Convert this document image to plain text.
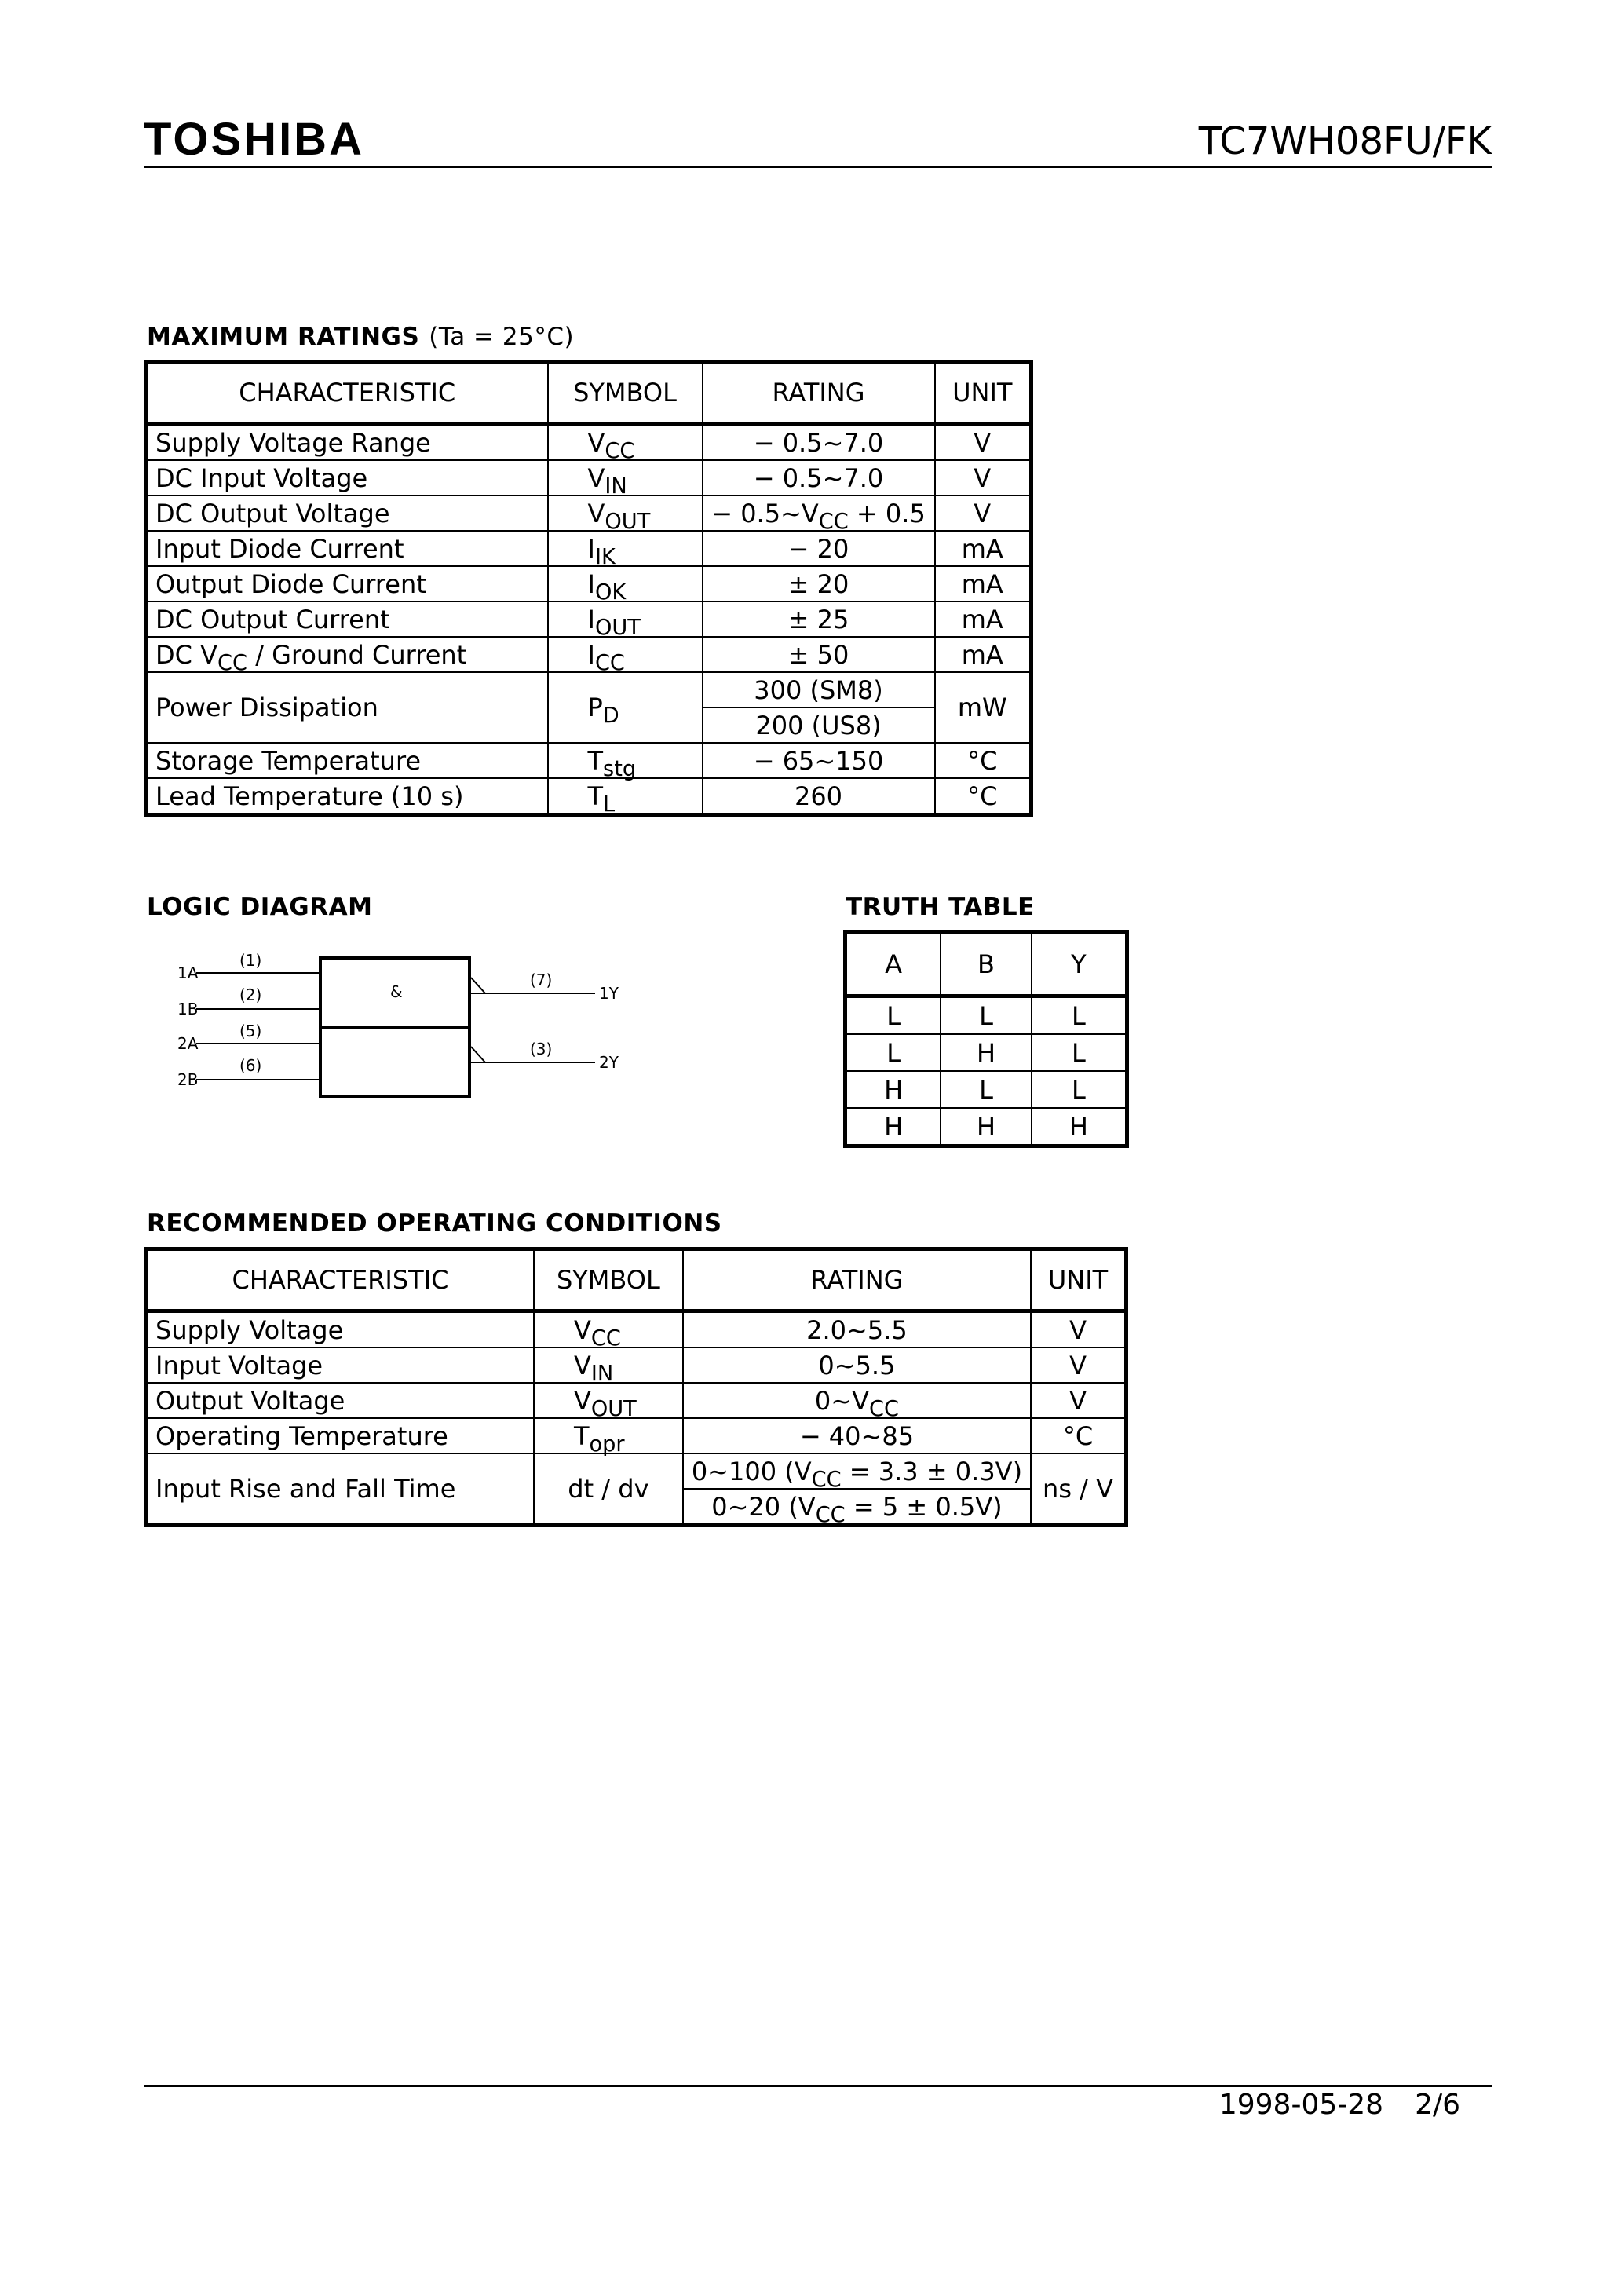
TOSHIBA	TC7WH08FU/FK
MAXIMUM RATINGS (Ta = 25°C)
CHARACTERISTIC	SYMBOL	RATING	UNIT
Supply Voltage Range	$V_{CC}$	− 0.5~7.0	V
DC Input Voltage	$V_{IN}$	− 0.5~7.0	V
DC Output Voltage	$V_{OUT}$	− $0.5\sim V_{CC} + 0.5$	V
Input Diode Current	$I_{IK}$	− 20	mA
Output Diode Current	$I_{OK}$	± 20	mA
DC Output Current	$I_{OUT}$	± 25	mA
DC $V_{CC}$ / Ground Current	$I_{CC}$	± 50	mA
Power Dissipation	$P_D$	300 (SM8)	mW
		200 (US8)	
Storage Temperature	$T_{stg}$	− 65~150	°C
Lead Temperature (10 s)	$T_L$	260	°C
LOGIC DIAGRAM
&
1A
1B
2A
2B
(1)
(2)
(5)
(6)
1Y
2Y
(7)
(3)
TRUTH TABLE
A	B	Y
L	L	L
L	H	L
H	L	L
H	H	H
RECOMMENDED OPERATING CONDITIONS
CHARACTERISTIC	SYMBOL	RATING	UNIT
Supply Voltage	$V_{CC}$	2.0~5.5	V
Input Voltage	$V_{IN}$	0~5.5	V
Output Voltage	$V_{OUT}$	$0\sim V_{CC}$	V
Operating Temperature	$T_{opr}$	− 40~85	°C
Input Rise and Fall Time	dt / dv	0~100 $(V_{CC} = 3.3 \pm 0.3V)$	ns / V
		0~20 $(V_{CC} = 5 \pm 0.5V)$	
1998-05-28 2/6
